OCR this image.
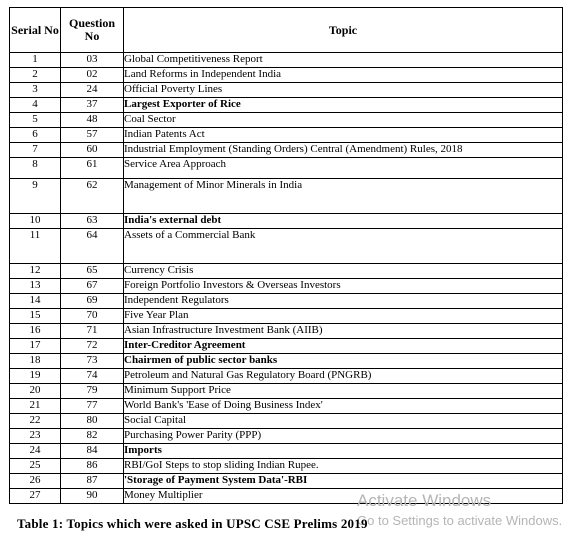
Serial No	Question No	Topic
1	03	Global Competitiveness Report
2	02	Land Reforms in Independent India
3	24	Official Poverty Lines
4	37	Largest Exporter of Rice
5	48	Coal Sector
6	57	Indian Patents Act
7	60	Industrial Employment (Standing Orders) Central (Amendment) Rules, 2018
8	61	Service Area Approach
9	62	Management of Minor Minerals in India
10	63	India's external debt
11	64	Assets of a Commercial Bank
12	65	Currency Crisis
13	67	Foreign Portfolio Investors & Overseas Investors
14	69	Independent Regulators
15	70	Five Year Plan
16	71	Asian Infrastructure Investment Bank (AIIB)
17	72	Inter-Creditor Agreement
18	73	Chairmen of public sector banks
19	74	Petroleum and Natural Gas Regulatory Board (PNGRB)
20	79	Minimum Support Price
21	77	World Bank's 'Ease of Doing Business Index'
22	80	Social Capital
23	82	Purchasing Power Parity (PPP)
24	84	Imports
25	86	RBI/GoI Steps to stop sliding Indian Rupee.
26	87	'Storage of Payment System Data'-RBI
27	90	Money Multiplier	Activate Windows
Go to Settings to activate Windows.
Table 1: Topics which were asked in UPSC CSE Prelims 2019
